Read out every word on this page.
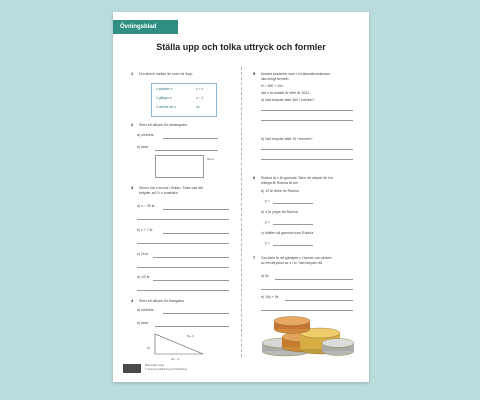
Övningsblad
Ställa upp och tolka uttryck och formler
1 Dra streck mellan de som hör ihop.
4 stycken x	x + 4
4 gånger x	x − 4
4 mindre än x	4x
2 Skriv ett uttryck för rektangelns
a) omkrets
b) area
3x+4
3 Simon har x kronor i fickan. Tolka vad det
betyder att 3 i s innebära
a) x − 30 kr
b) x + 7 kr
c) 2x kr
d) x/3 kr
4 Skriv ett uttryck för triangelns
a) omkrets
b) area
5x−4
2x
4x − 1
5 Antalet studenter som i en laborationskursen
ska enligt formeln
N = 360 + 10x
där x är antalet år efter år 2021.
a) Vad betyder talet 360 i formeln?
b) Vad betyder talet 10 i formeln?
6 Rubina är x år gammal. Skriv ett uttryck för hur
många år Rubina är om
a) 10 år äldre än Rubina
y =
b) 4 år yngre än Rubina
y =
c) hälften så gammal som Rubina
y =
7 Om tiden är ett gästspel x i former och skrivet
av ett uttrycket av x i kr. Vad betyder då
a) 5x
b) 10y + 5x
Matematik Origo
© Sanoma Utbildning och författarna
